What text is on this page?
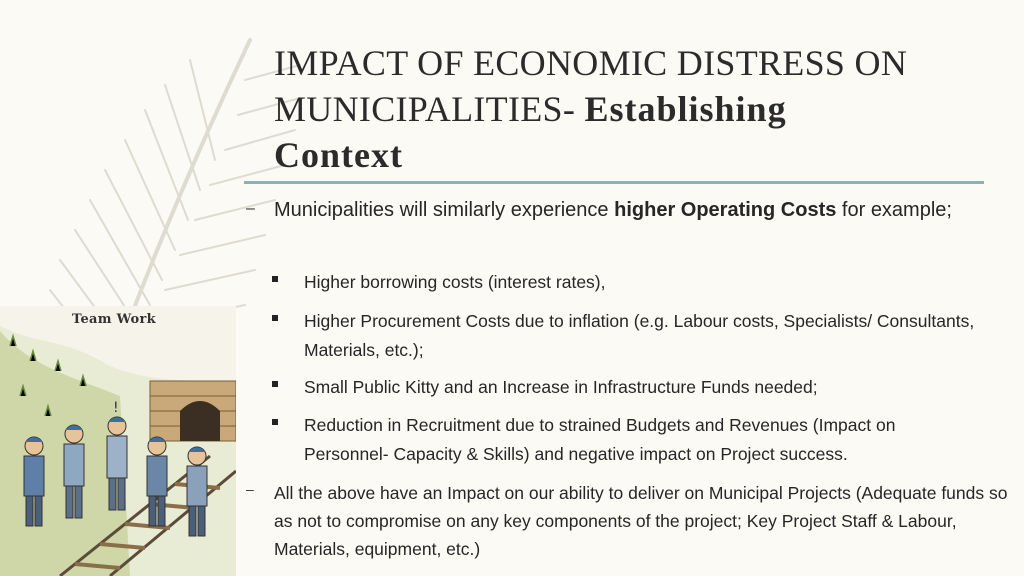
!
Team Work
IMPACT OF ECONOMIC DISTRESS ON
MUNICIPALITIES- Establishing
Context
– Municipalities will similarly experience higher Operating Costs for example;
Higher borrowing costs (interest rates),
Higher Procurement Costs due to inflation (e.g. Labour costs, Specialists/ Consultants, Materials, etc.);
Small Public Kitty and an Increase in Infrastructure Funds needed;
Reduction in Recruitment due to strained Budgets and Revenues (Impact on Personnel- Capacity & Skills) and negative impact on Project success.
– All the above have an Impact on our ability to deliver on Municipal Projects (Adequate funds so as not to compromise on any key components of the project; Key Project Staff & Labour, Materials, equipment, etc.)
